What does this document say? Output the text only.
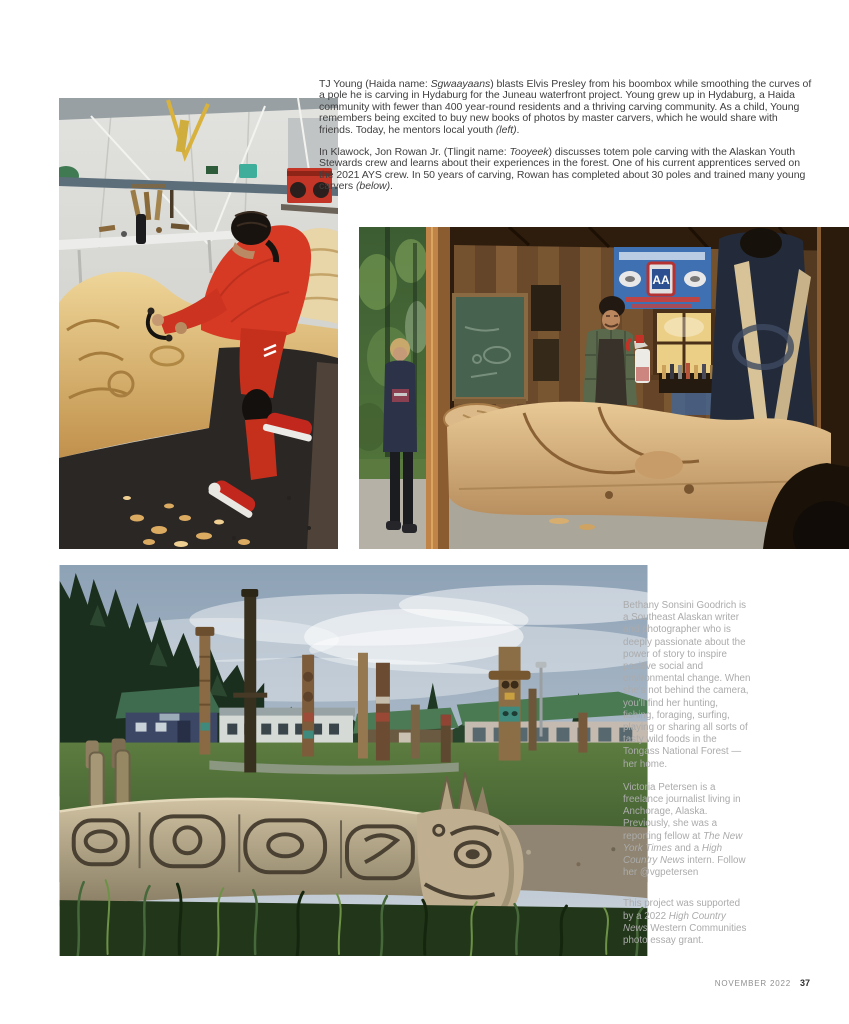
TJ Young (Haida name: Sgwaayaans) blasts Elvis Presley from his boombox while smoothing the curves of a pole he is carving in Hydaburg for the Juneau waterfront project. Young grew up in Hydaburg, a Haida community with fewer than 400 year-round residents and a thriving carving community. As a child, Young remembers being excited to buy new books of photos by master carvers, which he would share with friends. Today, he mentors local youth (left).

In Klawock, Jon Rowan Jr. (Tlingit name: Tooyeek) discusses totem pole carving with the Alaskan Youth Stewards crew and learns about their experiences in the forest. One of his current apprentices served on the 2021 AYS crew. In 50 years of carving, Rowan has completed about 30 poles and trained many young carvers (below).

AA

Bethany Sonsini Goodrich is a Southeast Alaskan writer and photographer who is deeply passionate about the power of story to inspire positive social and environmental change. When she's not behind the camera, you'll find her hunting, fishing, foraging, surfing, playing or sharing all sorts of tasty wild foods in the Tongass National Forest — her home.

Victoria Petersen is a freelance journalist living in Anchorage, Alaska. Previously, she was a reporting fellow at The New York Times and a High Country News intern. Follow her @vgpetersen

This project was supported by a 2022 High Country News Western Communities photo essay grant.

NOVEMBER 2022 37
